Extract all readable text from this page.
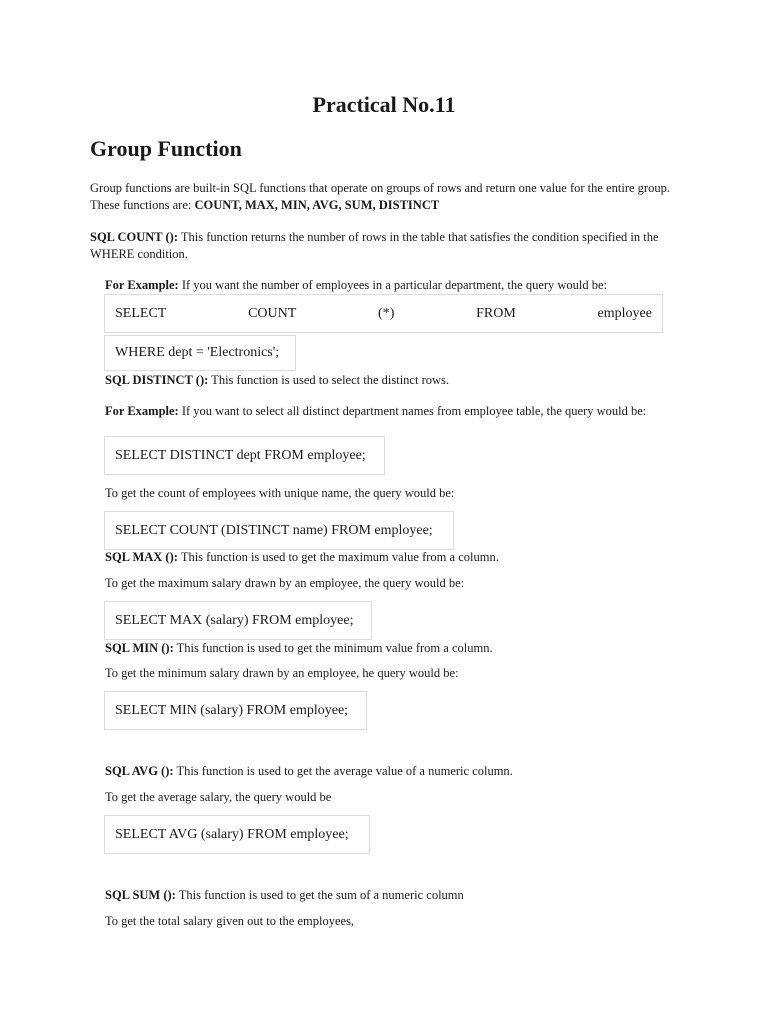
Practical No.11
Group Function

Group functions are built-in SQL functions that operate on groups of rows and return one value for the entire group. These functions are: COUNT, MAX, MIN, AVG, SUM, DISTINCT

SQL COUNT (): This function returns the number of rows in the table that satisfies the condition specified in the WHERE condition.

For Example: If you want the number of employees in a particular department, the query would be:

SELECT	COUNT	(*)	FROM	employee
WHERE dept = 'Electronics';

SQL DISTINCT (): This function is used to select the distinct rows.

For Example: If you want to select all distinct department names from employee table, the query would be:

SELECT DISTINCT dept FROM employee;

To get the count of employees with unique name, the query would be:

SELECT COUNT (DISTINCT name) FROM employee;

SQL MAX (): This function is used to get the maximum value from a column.

To get the maximum salary drawn by an employee, the query would be:

SELECT MAX (salary) FROM employee;

SQL MIN (): This function is used to get the minimum value from a column.

To get the minimum salary drawn by an employee, he query would be:

SELECT MIN (salary) FROM employee;

SQL AVG (): This function is used to get the average value of a numeric column.

To get the average salary, the query would be

SELECT AVG (salary) FROM employee;

SQL SUM (): This function is used to get the sum of a numeric column

To get the total salary given out to the employees,
